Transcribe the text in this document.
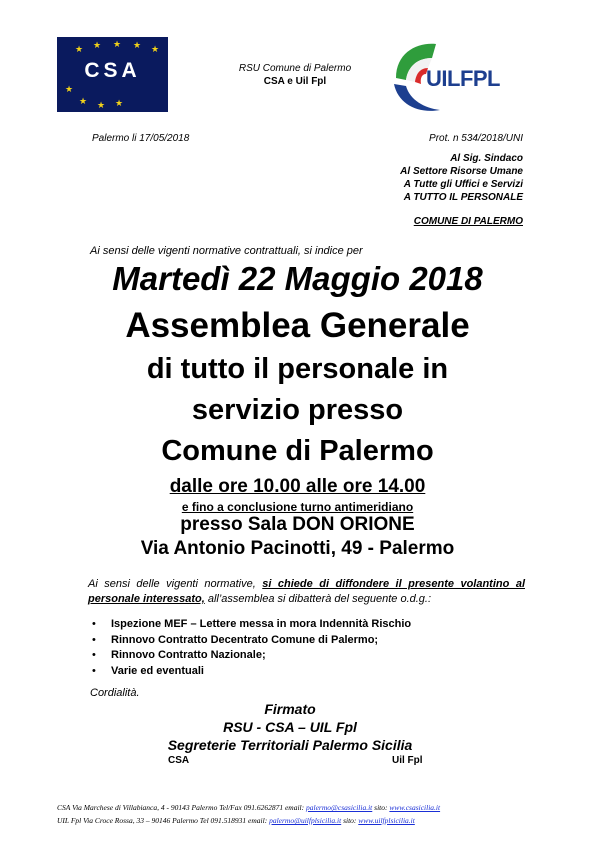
★ ★ ★ ★ ★
★
★ ★ ★
CSA	RSU Comune di Palermo
CSA e Uil Fpl	UILFPL
Palermo li 17/05/2018	Prot. n 534/2018/UNI
Al Sig. Sindaco
Al Settore Risorse Umane
A Tutte gli Uffici e Servizi
A TUTTO IL PERSONALE
COMUNE DI PALERMO
Ai sensi delle vigenti normative contrattuali, si indice per
Martedì 22 Maggio 2018
Assemblea Generale
di tutto il personale in
servizio presso
Comune di Palermo
dalle ore 10.00 alle ore 14.00
e fino a conclusione turno antimeridiano
presso Sala DON ORIONE
Via Antonio Pacinotti, 49 - Palermo
Ai sensi delle vigenti normative, si chiede di diffondere il presente volantino al personale interessato, all’assemblea si dibatterà del seguente o.d.g.:
• Ispezione MEF – Lettere messa in mora Indennità Rischio
• Rinnovo Contratto Decentrato Comune di Palermo;
• Rinnovo Contratto Nazionale;
• Varie ed eventuali
Cordialità.
Firmato
RSU - CSA – UIL Fpl
Segreterie Territoriali Palermo Sicilia
CSA	Uil Fpl
CSA Via Marchese di Villabianca, 4 - 90143 Palermo Tel/Fax 091.6262871 email: palermo@csasicilia.it sito: www.csasicilia.it
UIL Fpl Via Croce Rossa, 33 – 90146 Palermo Tel 091.518931 email: palermo@uilfplsicilia.it sito: www.uilfplsicilia.it
